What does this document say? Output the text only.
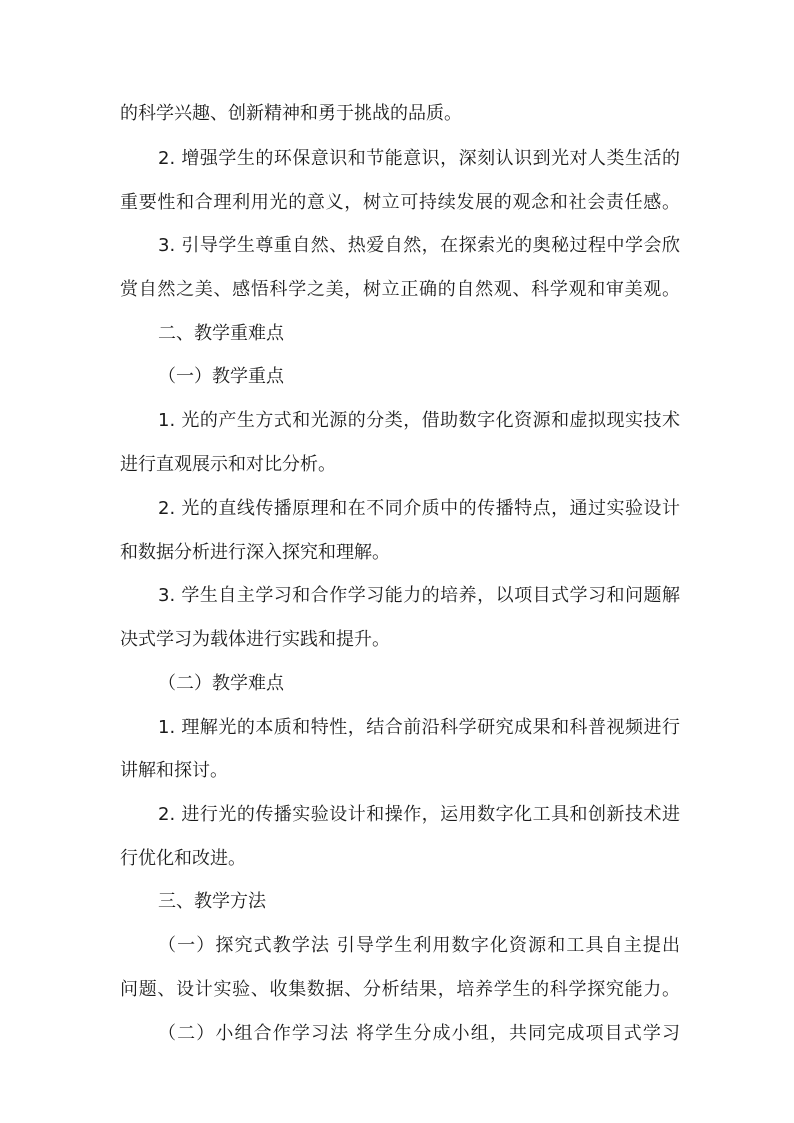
的科学兴趣、创新精神和勇于挑战的品质。
2. 增强学生的环保意识和节能意识，深刻认识到光对人类生活的
重要性和合理利用光的意义，树立可持续发展的观念和社会责任感。
3. 引导学生尊重自然、热爱自然，在探索光的奥秘过程中学会欣
赏自然之美、感悟科学之美，树立正确的自然观、科学观和审美观。
二、教学重难点
（一）教学重点
1. 光的产生方式和光源的分类，借助数字化资源和虚拟现实技术
进行直观展示和对比分析。
2. 光的直线传播原理和在不同介质中的传播特点，通过实验设计
和数据分析进行深入探究和理解。
3. 学生自主学习和合作学习能力的培养，以项目式学习和问题解
决式学习为载体进行实践和提升。
（二）教学难点
1. 理解光的本质和特性，结合前沿科学研究成果和科普视频进行
讲解和探讨。
2. 进行光的传播实验设计和操作，运用数字化工具和创新技术进
行优化和改进。
三、教学方法
（一）探究式教学法 引导学生利用数字化资源和工具自主提出
问题、设计实验、收集数据、分析结果，培养学生的科学探究能力。
（二）小组合作学习法 将学生分成小组，共同完成项目式学习
